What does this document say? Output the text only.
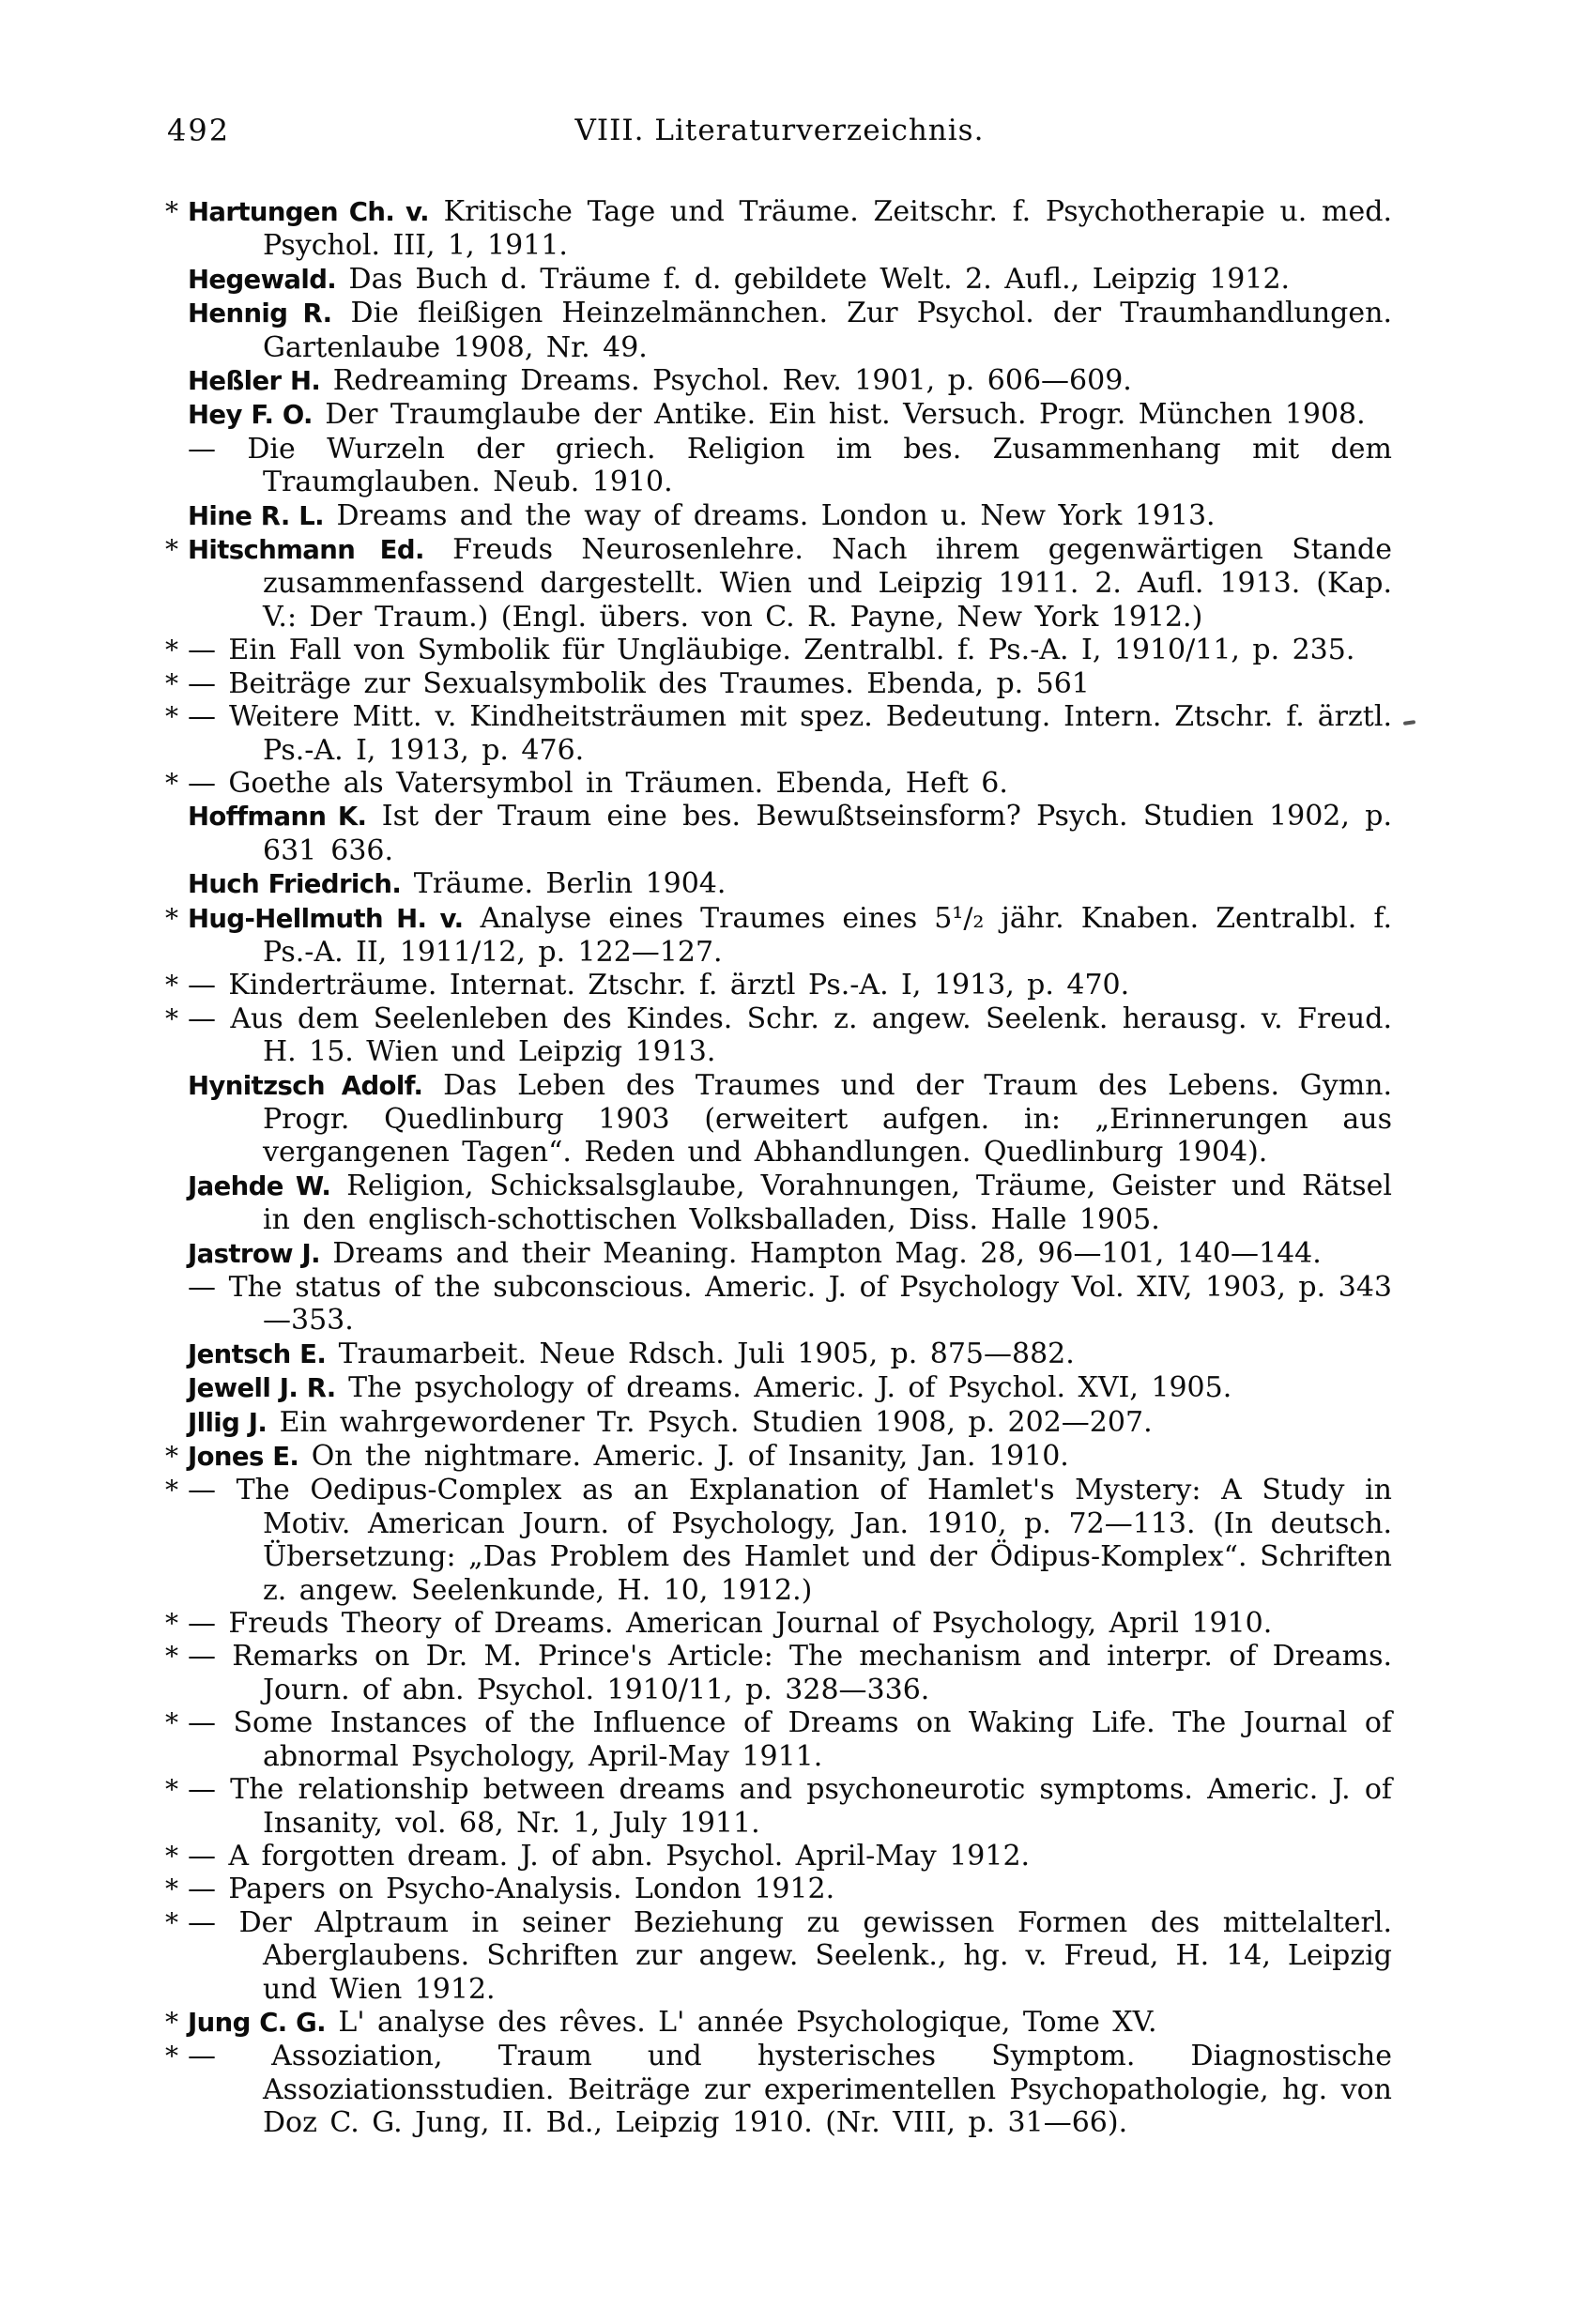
492	VIII. Literaturverzeichnis.

* Hartungen Ch. v. Kritische Tage und Träume. Zeitschr. f. Psychotherapie u. med. Psychol. III, 1, 1911.

Hegewald. Das Buch d. Träume f. d. gebildete Welt. 2. Aufl., Leipzig 1912.

Hennig R. Die fleißigen Heinzelmännchen. Zur Psychol. der Traumhandlungen. Gartenlaube 1908, Nr. 49.

Heßler H. Redreaming Dreams. Psychol. Rev. 1901, p. 606—609.

Hey F. O. Der Traumglaube der Antike. Ein hist. Versuch. Progr. München 1908.

— Die Wurzeln der griech. Religion im bes. Zusammenhang mit dem Traumglauben. Neub. 1910.

Hine R. L. Dreams and the way of dreams. London u. New York 1913.

* Hitschmann Ed. Freuds Neurosenlehre. Nach ihrem gegenwärtigen Stande zusammenfassend dargestellt. Wien und Leipzig 1911. 2. Aufl. 1913. (Kap. V.: Der Traum.) (Engl. übers. von C. R. Payne, New York 1912.)

* — Ein Fall von Symbolik für Ungläubige. Zentralbl. f. Ps.-A. I, 1910/11, p. 235.

* — Beiträge zur Sexualsymbolik des Traumes. Ebenda, p. 561

* — Weitere Mitt. v. Kindheitsträumen mit spez. Bedeutung. Intern. Ztschr. f. ärztl. Ps.-A. I, 1913, p. 476.

* — Goethe als Vatersymbol in Träumen. Ebenda, Heft 6.

Hoffmann K. Ist der Traum eine bes. Bewußtseinsform? Psych. Studien 1902, p. 631 636.

Huch Friedrich. Träume. Berlin 1904.

* Hug-Hellmuth H. v. Analyse eines Traumes eines 5¹/₂ jähr. Knaben. Zentralbl. f. Ps.-A. II, 1911/12, p. 122—127.

* — Kinderträume. Internat. Ztschr. f. ärztl Ps.-A. I, 1913, p. 470.

* — Aus dem Seelenleben des Kindes. Schr. z. angew. Seelenk. herausg. v. Freud. H. 15. Wien und Leipzig 1913.

Hynitzsch Adolf. Das Leben des Traumes und der Traum des Lebens. Gymn. Progr. Quedlinburg 1903 (erweitert aufgen. in: „Erinnerungen aus vergangenen Tagen“. Reden und Abhandlungen. Quedlinburg 1904).

Jaehde W. Religion, Schicksalsglaube, Vorahnungen, Träume, Geister und Rätsel in den englisch-schottischen Volksballaden, Diss. Halle 1905.

Jastrow J. Dreams and their Meaning. Hampton Mag. 28, 96—101, 140—144.

— The status of the subconscious. Americ. J. of Psychology Vol. XIV, 1903, p. 343—353.

Jentsch E. Traumarbeit. Neue Rdsch. Juli 1905, p. 875—882.

Jewell J. R. The psychology of dreams. Americ. J. of Psychol. XVI, 1905.

Jllig J. Ein wahrgewordener Tr. Psych. Studien 1908, p. 202—207.

* Jones E. On the nightmare. Americ. J. of Insanity, Jan. 1910.

* — The Oedipus-Complex as an Explanation of Hamlet's Mystery: A Study in Motiv. American Journ. of Psychology, Jan. 1910, p. 72—113. (In deutsch. Übersetzung: „Das Problem des Hamlet und der Ödipus-Komplex“. Schriften z. angew. Seelenkunde, H. 10, 1912.)

* — Freuds Theory of Dreams. American Journal of Psychology, April 1910.

* — Remarks on Dr. M. Prince's Article: The mechanism and interpr. of Dreams. Journ. of abn. Psychol. 1910/11, p. 328—336.

* — Some Instances of the Influence of Dreams on Waking Life. The Journal of abnormal Psychology, April-May 1911.

* — The relationship between dreams and psychoneurotic symptoms. Americ. J. of Insanity, vol. 68, Nr. 1, July 1911.

* — A forgotten dream. J. of abn. Psychol. April-May 1912.

* — Papers on Psycho-Analysis. London 1912.

* — Der Alptraum in seiner Beziehung zu gewissen Formen des mittelalterl. Aberglaubens. Schriften zur angew. Seelenk., hg. v. Freud, H. 14, Leipzig und Wien 1912.

* Jung C. G. L' analyse des rêves. L' année Psychologique, Tome XV.

* — Assoziation, Traum und hysterisches Symptom. Diagnostische Assoziationsstudien. Beiträge zur experimentellen Psychopathologie, hg. von Doz C. G. Jung, II. Bd., Leipzig 1910. (Nr. VIII, p. 31—66).
